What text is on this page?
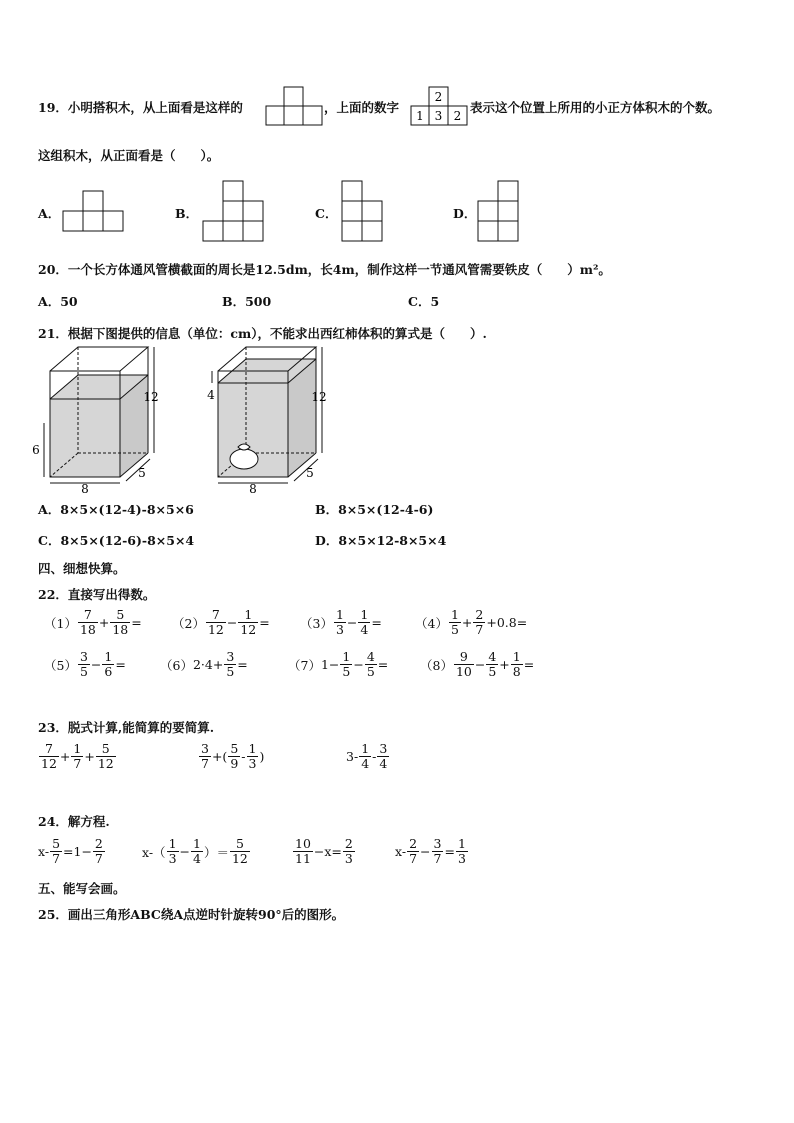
19．小明搭积木，从上面看是这样的	，上面的数字
2
1 3 2
表示这个位置上所用的小正方体积木的个数。
这组积木，从正面看是（　　）。
A．	B．	C．	D．
20．一个长方体通风管横截面的周长是12.5dm，长4m，制作这样一节通风管需要铁皮（　　）m²。
A．50	B．500	C．5
21．根据下图提供的信息（单位：cm），不能求出西红柿体积的算式是（　　）.
12
6
8
5
12
4
8
5
A．8×5×(12-4)-8×5×6	B．8×5×(12-4-6)
C．8×5×(12-6)-8×5×4	D．8×5×12-8×5×4
四、细想快算。
22．直接写出得数。
$(1) \frac{7}{18} + \frac{5}{18} = (2) \frac{7}{12} - \frac{1}{12} = (3) \frac{1}{3} - \frac{1}{4}$ =	$(4) \frac{1}{5} + \frac{2}{7} + 0.8$ =
$(5) \frac{3}{5} - \frac{1}{6}$ =	（6） $2\cdot 4+ \frac{3}{5}$ =	（7） $1- \frac{1}{5} - \frac{4}{5}$ =	$(8) \frac{9}{10} - \frac{4}{5} + \frac{1}{8}$ =
23．脱式计算,能简算的要简算.
$\frac{7}{12} + \frac{1}{7} + \frac{5}{12}$	$\frac{3}{7}$ +( $\frac{5}{9} - \frac{1}{3}$ )	$3- \frac{1}{4} - \frac{3}{4}$
24．解方程.
$x- \frac{5}{7} =1- \frac{2}{7}$	$x-( \frac{1}{3} - \frac{1}{4}$ ）＝ $\frac{5}{12}$	$\frac{10}{11} -x= \frac{2}{3}$	$x- \frac{2}{7} - \frac{3}{7} = \frac{1}{3}$
五、能写会画。
25．画出三角形ABC绕A点逆时针旋转90°后的图形。
